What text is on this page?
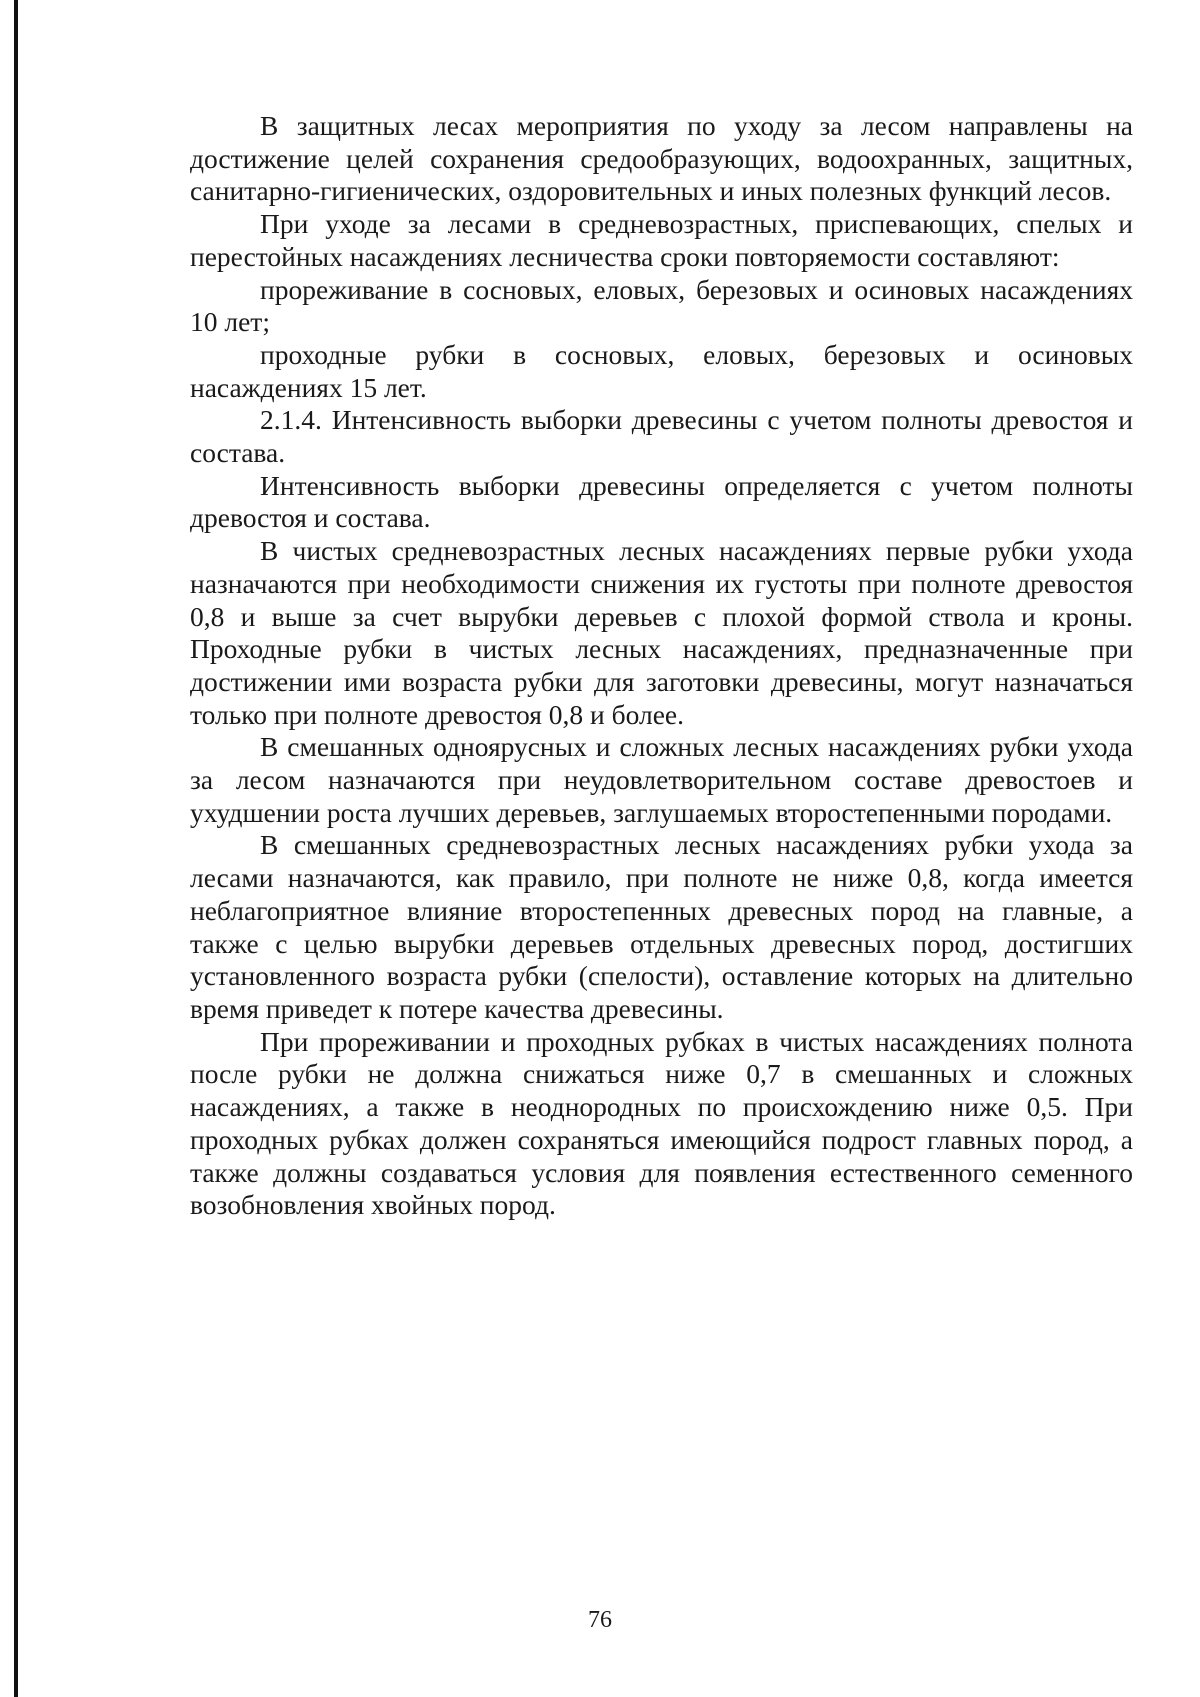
В защитных лесах мероприятия по уходу за лесом направлены на достижение целей сохранения средообразующих, водоохранных, защитных, санитарно-гигиенических, оздоровительных и иных полезных функций лесов.

При уходе за лесами в средневозрастных, приспевающих, спелых и перестойных насаждениях лесничества сроки повторяемости составляют:

прореживание в сосновых, еловых, березовых и осиновых насаждениях 10 лет;

проходные рубки в сосновых, еловых, березовых и осиновых насаждениях 15 лет.

2.1.4. Интенсивность выборки древесины с учетом полноты древостоя и состава.

Интенсивность выборки древесины определяется с учетом полноты древостоя и состава.

В чистых средневозрастных лесных насаждениях первые рубки ухода назначаются при необходимости снижения их густоты при полноте древостоя 0,8 и выше за счет вырубки деревьев с плохой формой ствола и кроны. Проходные рубки в чистых лесных насаждениях, предназначенные при достижении ими возраста рубки для заготовки древесины, могут назначаться только при полноте древостоя 0,8 и более.

В смешанных одноярусных и сложных лесных насаждениях рубки ухода за лесом назначаются при неудовлетворительном составе древостоев и ухудшении роста лучших деревьев, заглушаемых второстепенными породами.

В смешанных средневозрастных лесных насаждениях рубки ухода за лесами назначаются, как правило, при полноте не ниже 0,8, когда имеется неблагоприятное влияние второстепенных древесных пород на главные, а также с целью вырубки деревьев отдельных древесных пород, достигших установленного возраста рубки (спелости), оставление которых на длительно время приведет к потере качества древесины.

При прореживании и проходных рубках в чистых насаждениях полнота после рубки не должна снижаться ниже 0,7 в смешанных и сложных насаждениях, а также в неоднородных по происхождению ниже 0,5. При проходных рубках должен сохраняться имеющийся подрост главных пород, а также должны создаваться условия для появления естественного семенного возобновления хвойных пород.

76
